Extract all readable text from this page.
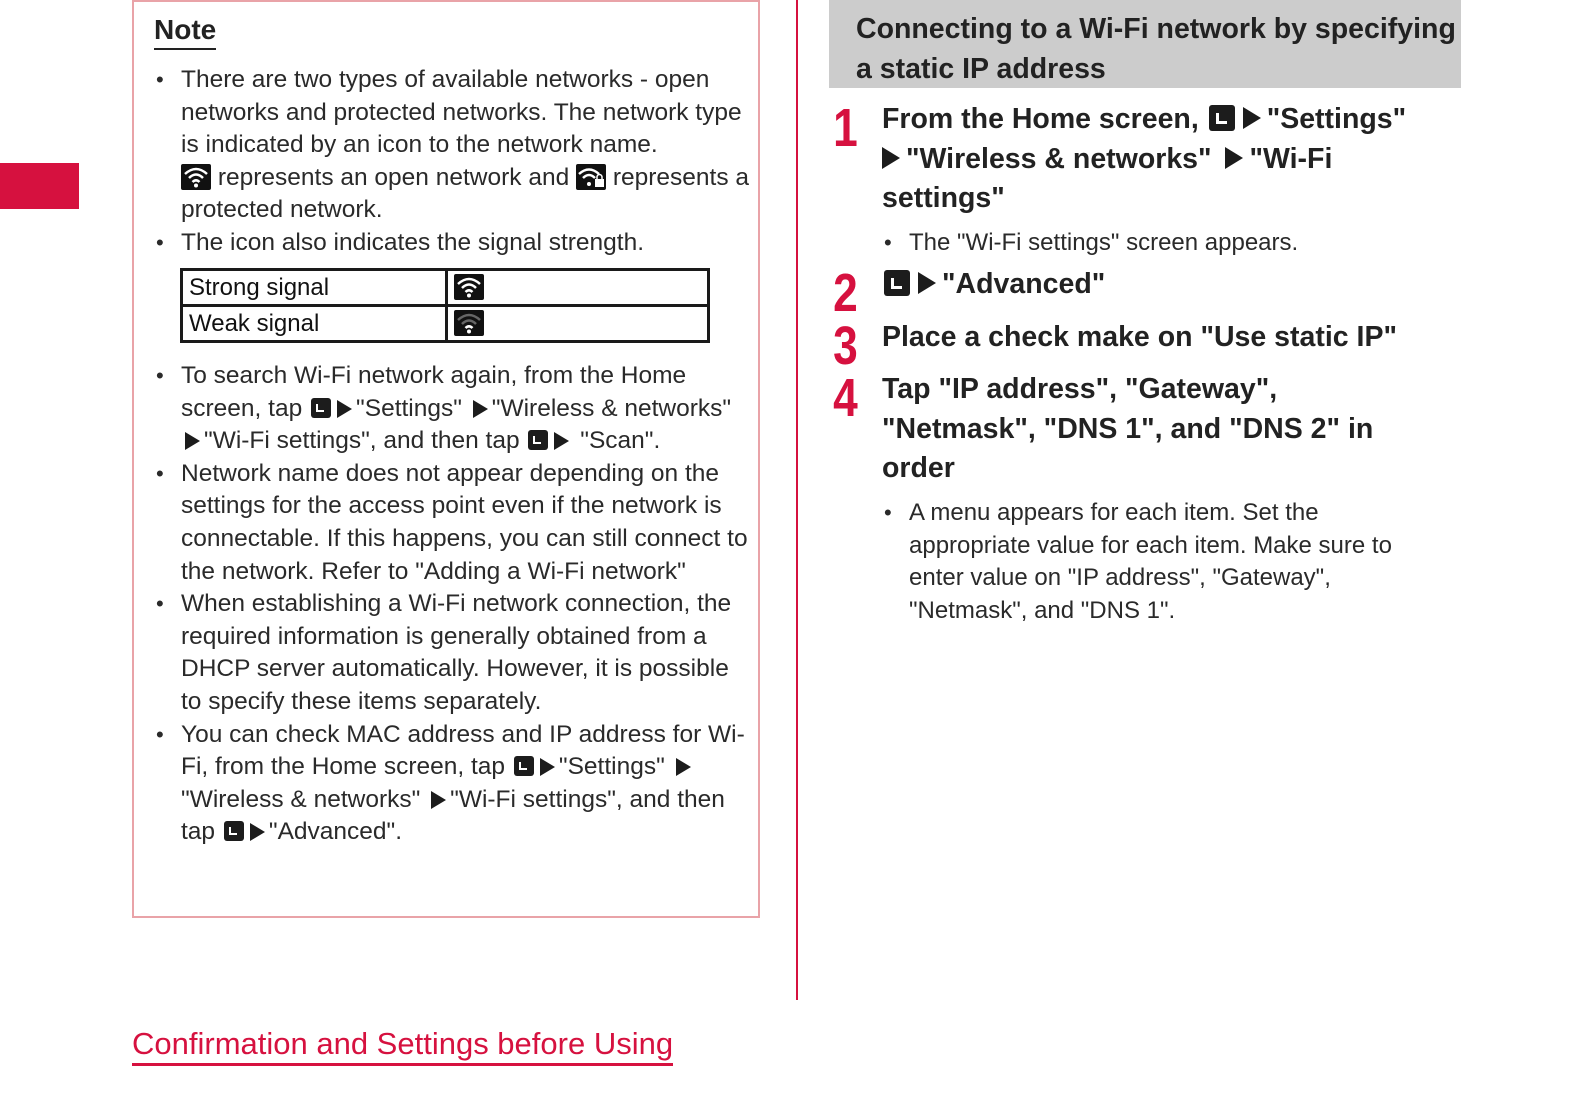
Note
• There are two types of available networks - open networks and protected networks. The network type is indicated by an icon to the network name.

represents an open network and represents a protected network.
• The icon also indicates the signal strength.
Strong signal	

Weak signal	
• To search Wi-Fi network again, from the Home screen, tap "Settings" "Wireless & networks" "Wi-Fi settings", and then tap "Scan".
• Network name does not appear depending on the settings for the access point even if the network is connectable. If this happens, you can still connect to the network. Refer to "Adding a Wi-Fi network"
• When establishing a Wi-Fi network connection, the required information is generally obtained from a DHCP server automatically. However, it is possible to specify these items separately.
• You can check MAC address and IP address for Wi-Fi, from the Home screen, tap "Settings" "Wireless & networks" "Wi-Fi settings", and then tap "Advanced".
Confirmation and Settings before Using
Connecting to a Wi-Fi network by specifying a static IP address
1 From the Home screen, "Settings"
"Wireless & networks" "Wi-Fi settings"
• The "Wi-Fi settings" screen appears.
2	"Advanced"
3 Place a check make on "Use static IP"
4 Tap "IP address", "Gateway", "Netmask", "DNS 1", and "DNS 2" in order
• A menu appears for each item. Set the appropriate value for each item. Make sure to enter value on "IP address", "Gateway", "Netmask", and "DNS 1".
